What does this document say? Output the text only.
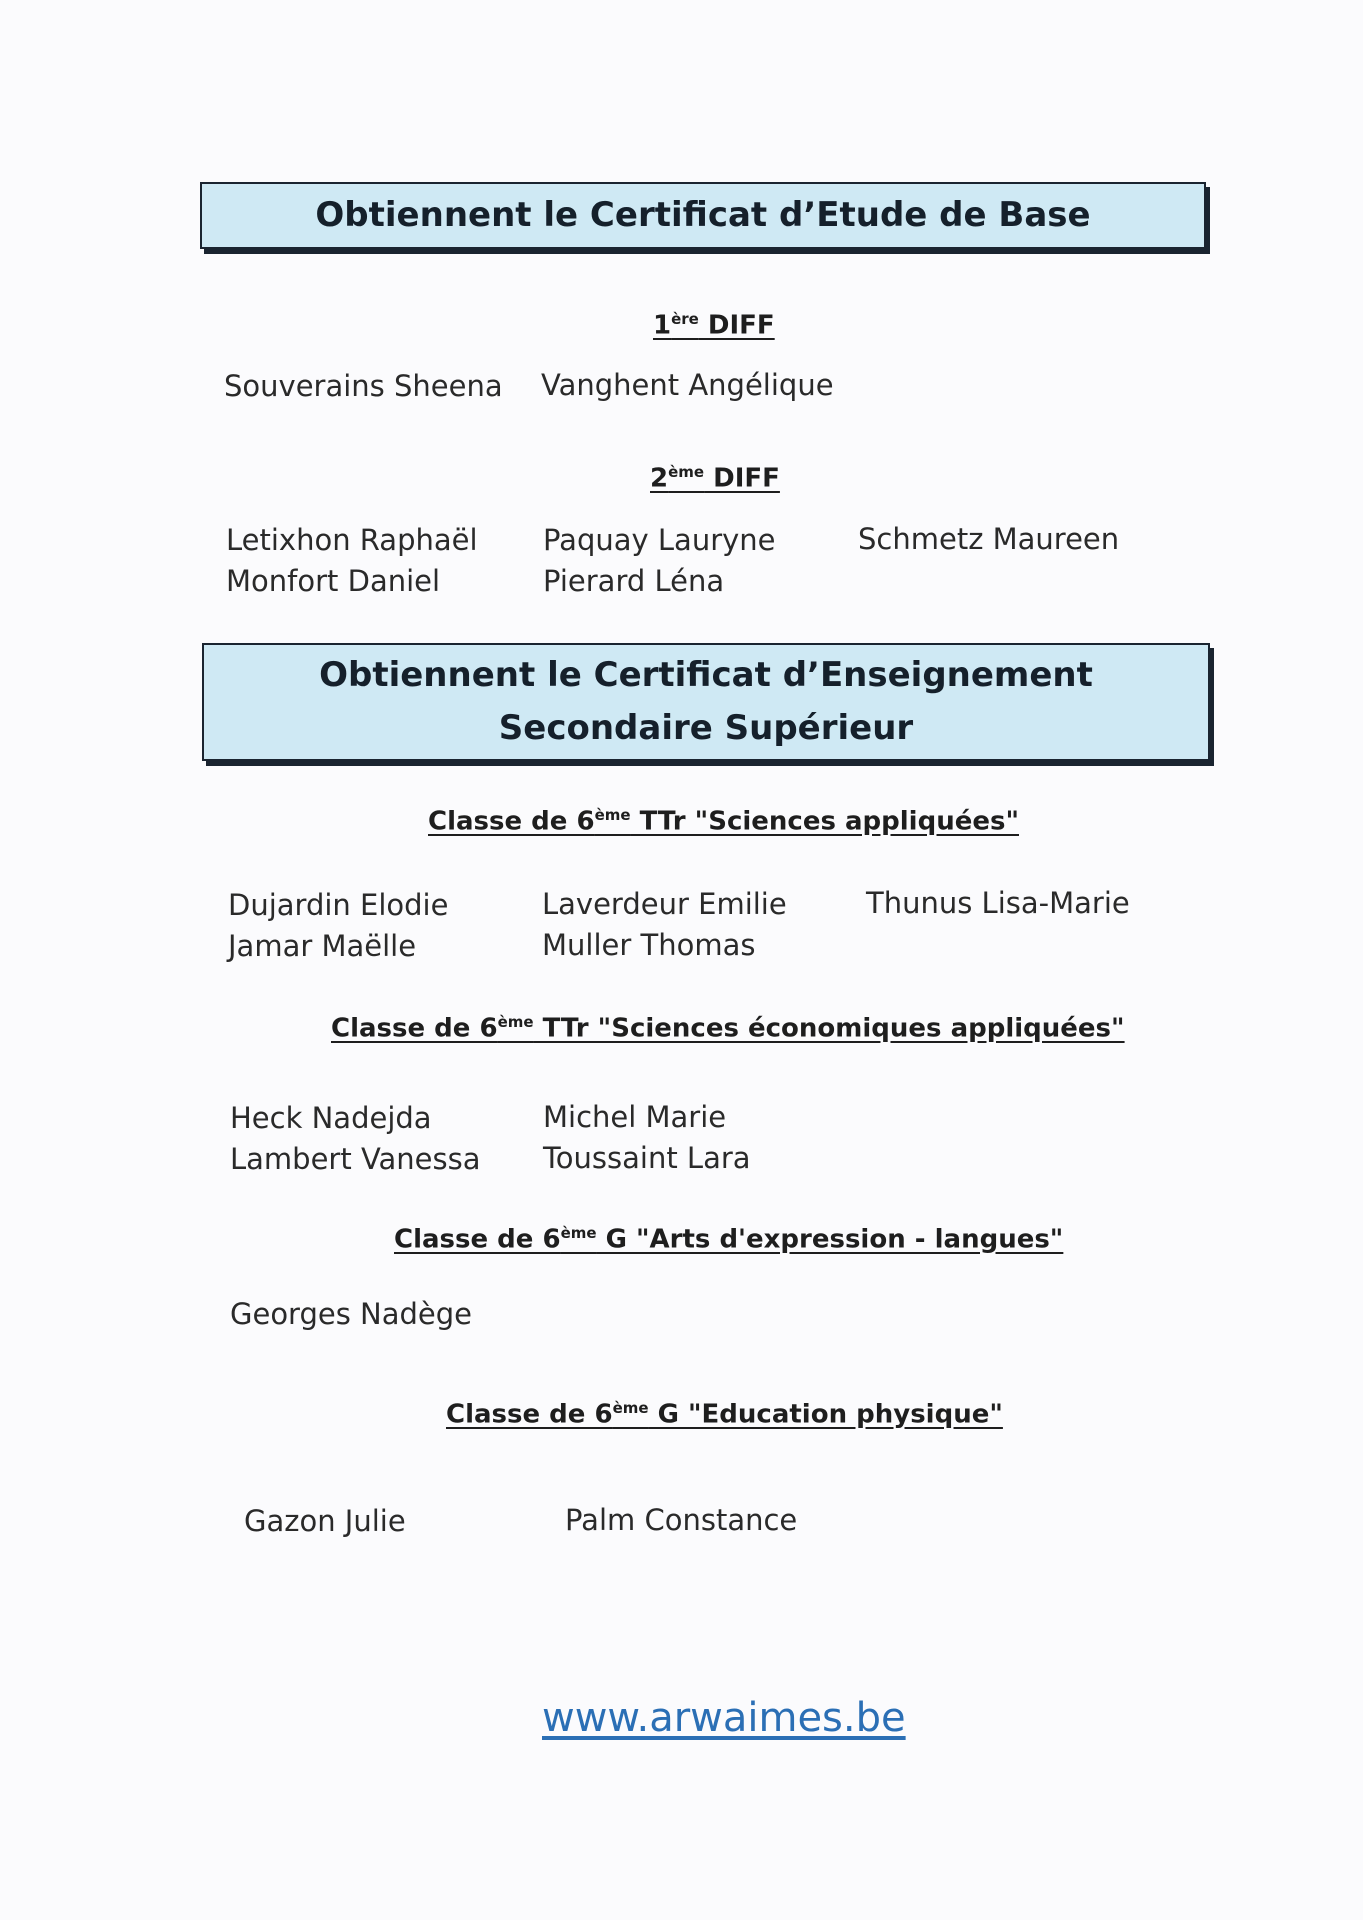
Obtiennent le Certificat d’Etude de Base
1ère DIFF
Souverains Sheena Vanghent Angélique
2ème DIFF
Letixhon Raphaël
Monfort Daniel
Paquay Lauryne
Pierard Léna
Schmetz Maureen
Obtiennent le Certificat d’Enseignement
Secondaire Supérieur
Classe de 6ème TTr "Sciences appliquées"
Dujardin Elodie
Jamar Maëlle
Laverdeur Emilie
Muller Thomas
Thunus Lisa-Marie
Classe de 6ème TTr "Sciences économiques appliquées"
Heck Nadejda
Lambert Vanessa
Michel Marie
Toussaint Lara
Classe de 6ème G "Arts d'expression - langues"
Georges Nadège
Classe de 6ème G "Education physique"
Gazon Julie	Palm Constance
www.arwaimes.be
